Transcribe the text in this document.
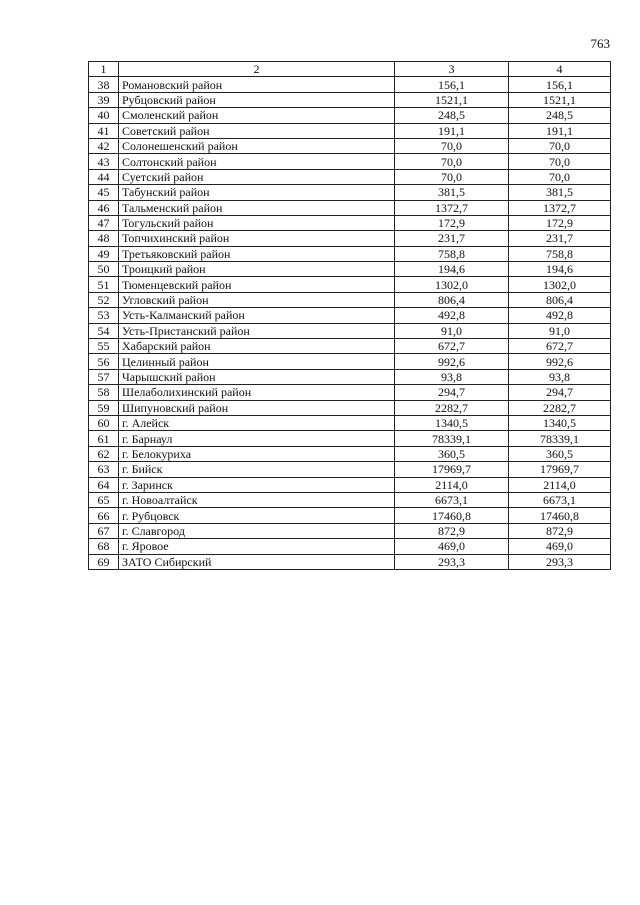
763
1	2	3	4
38	Романовский район	156,1	156,1
39	Рубцовский район	1521,1	1521,1
40	Смоленский район	248,5	248,5
41	Советский район	191,1	191,1
42	Солонешенский район	70,0	70,0
43	Солтонский район	70,0	70,0
44	Суетский район	70,0	70,0
45	Табунский район	381,5	381,5
46	Тальменский район	1372,7	1372,7
47	Тогульский район	172,9	172,9
48	Топчихинский район	231,7	231,7
49	Третьяковский район	758,8	758,8
50	Троицкий район	194,6	194,6
51	Тюменцевский район	1302,0	1302,0
52	Угловский район	806,4	806,4
53	Усть-Калманский район	492,8	492,8
54	Усть-Пристанский район	91,0	91,0
55	Хабарский район	672,7	672,7
56	Целинный район	992,6	992,6
57	Чарышский район	93,8	93,8
58	Шелаболихинский район	294,7	294,7
59	Шипуновский район	2282,7	2282,7
60	г. Алейск	1340,5	1340,5
61	г. Барнаул	78339,1	78339,1
62	г. Белокуриха	360,5	360,5
63	г. Бийск	17969,7	17969,7
64	г. Заринск	2114,0	2114,0
65	г. Новоалтайск	6673,1	6673,1
66	г. Рубцовск	17460,8	17460,8
67	г. Славгород	872,9	872,9
68	г. Яровое	469,0	469,0
69	ЗАТО Сибирский	293,3	293,3
